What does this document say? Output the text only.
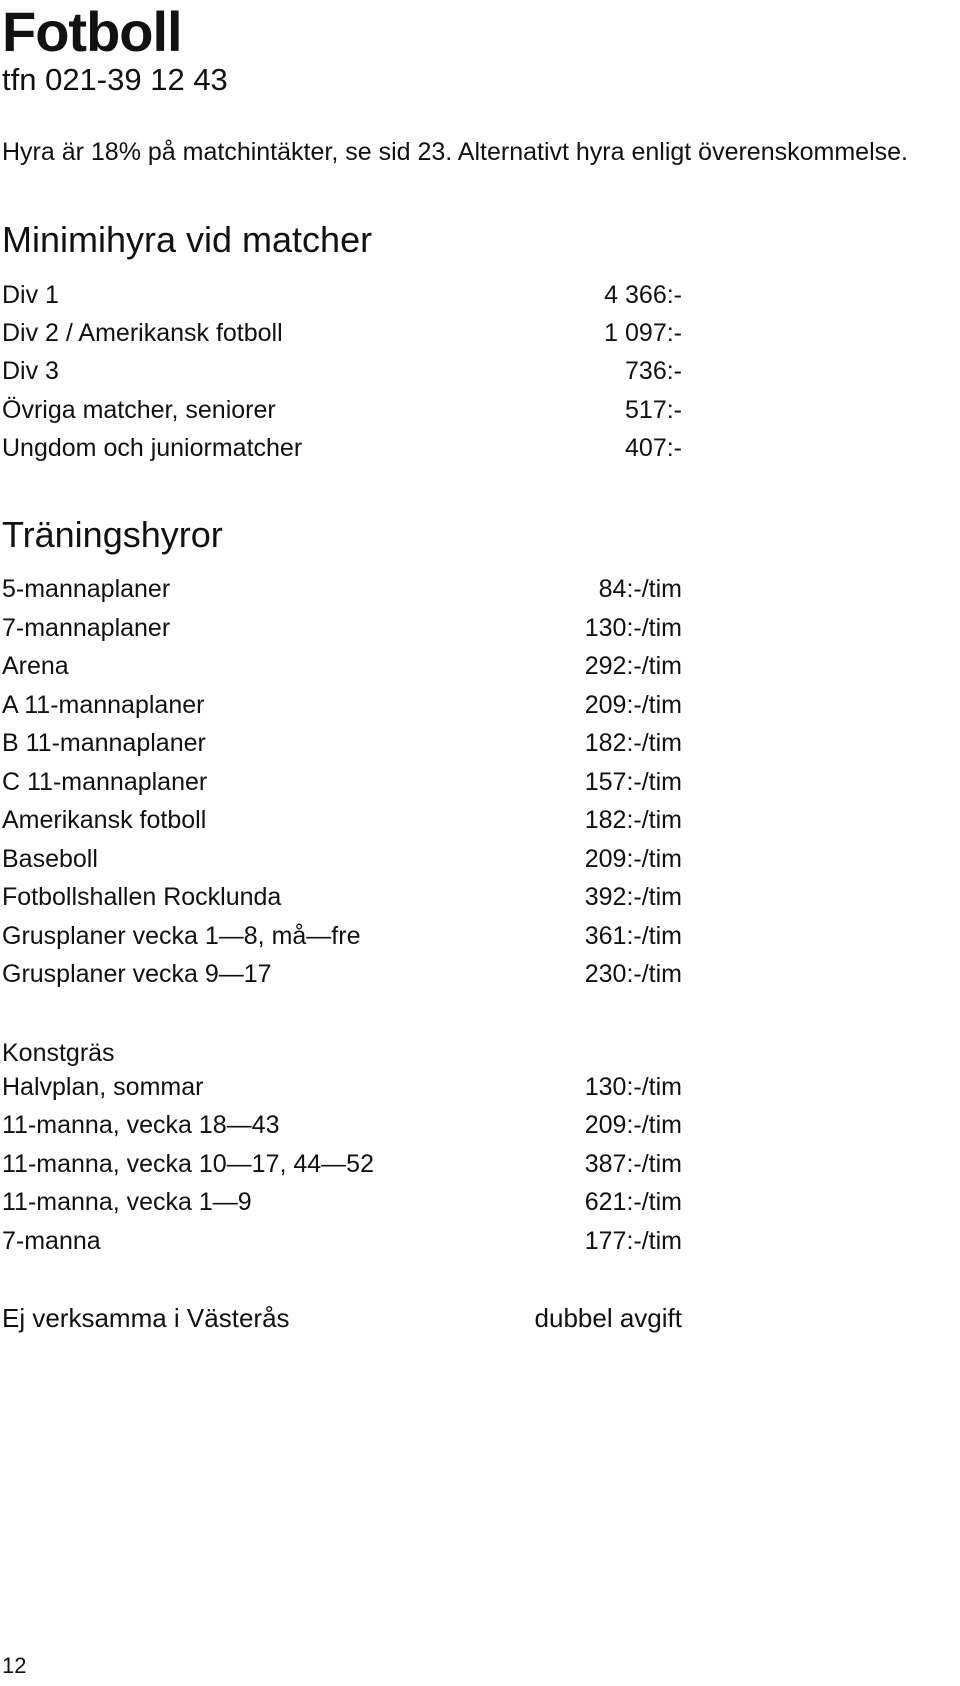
Fotboll
tfn 021-39 12 43
Hyra är 18% på matchintäkter, se sid 23. Alternativt hyra enligt överenskommelse.
Minimihyra vid matcher
Div 1	4 366:-
Div 2 / Amerikansk fotboll	1 097:-
Div 3	736:-
Övriga matcher, seniorer	517:-
Ungdom och juniormatcher	407:-
Träningshyror
5-mannaplaner	84:-/tim
7-mannaplaner	130:-/tim
Arena	292:-/tim
A 11-mannaplaner	209:-/tim
B 11-mannaplaner	182:-/tim
C 11-mannaplaner	157:-/tim
Amerikansk fotboll	182:-/tim
Baseboll	209:-/tim
Fotbollshallen Rocklunda	392:-/tim
Grusplaner vecka 1—8, må—fre	361:-/tim
Grusplaner vecka 9—17	230:-/tim
Konstgräs
Halvplan, sommar	130:-/tim
11-manna, vecka 18—43	209:-/tim
11-manna, vecka 10—17, 44—52	387:-/tim
11-manna, vecka 1—9	621:-/tim
7-manna	177:-/tim
Ej verksamma i Västerås	dubbel avgift
12
